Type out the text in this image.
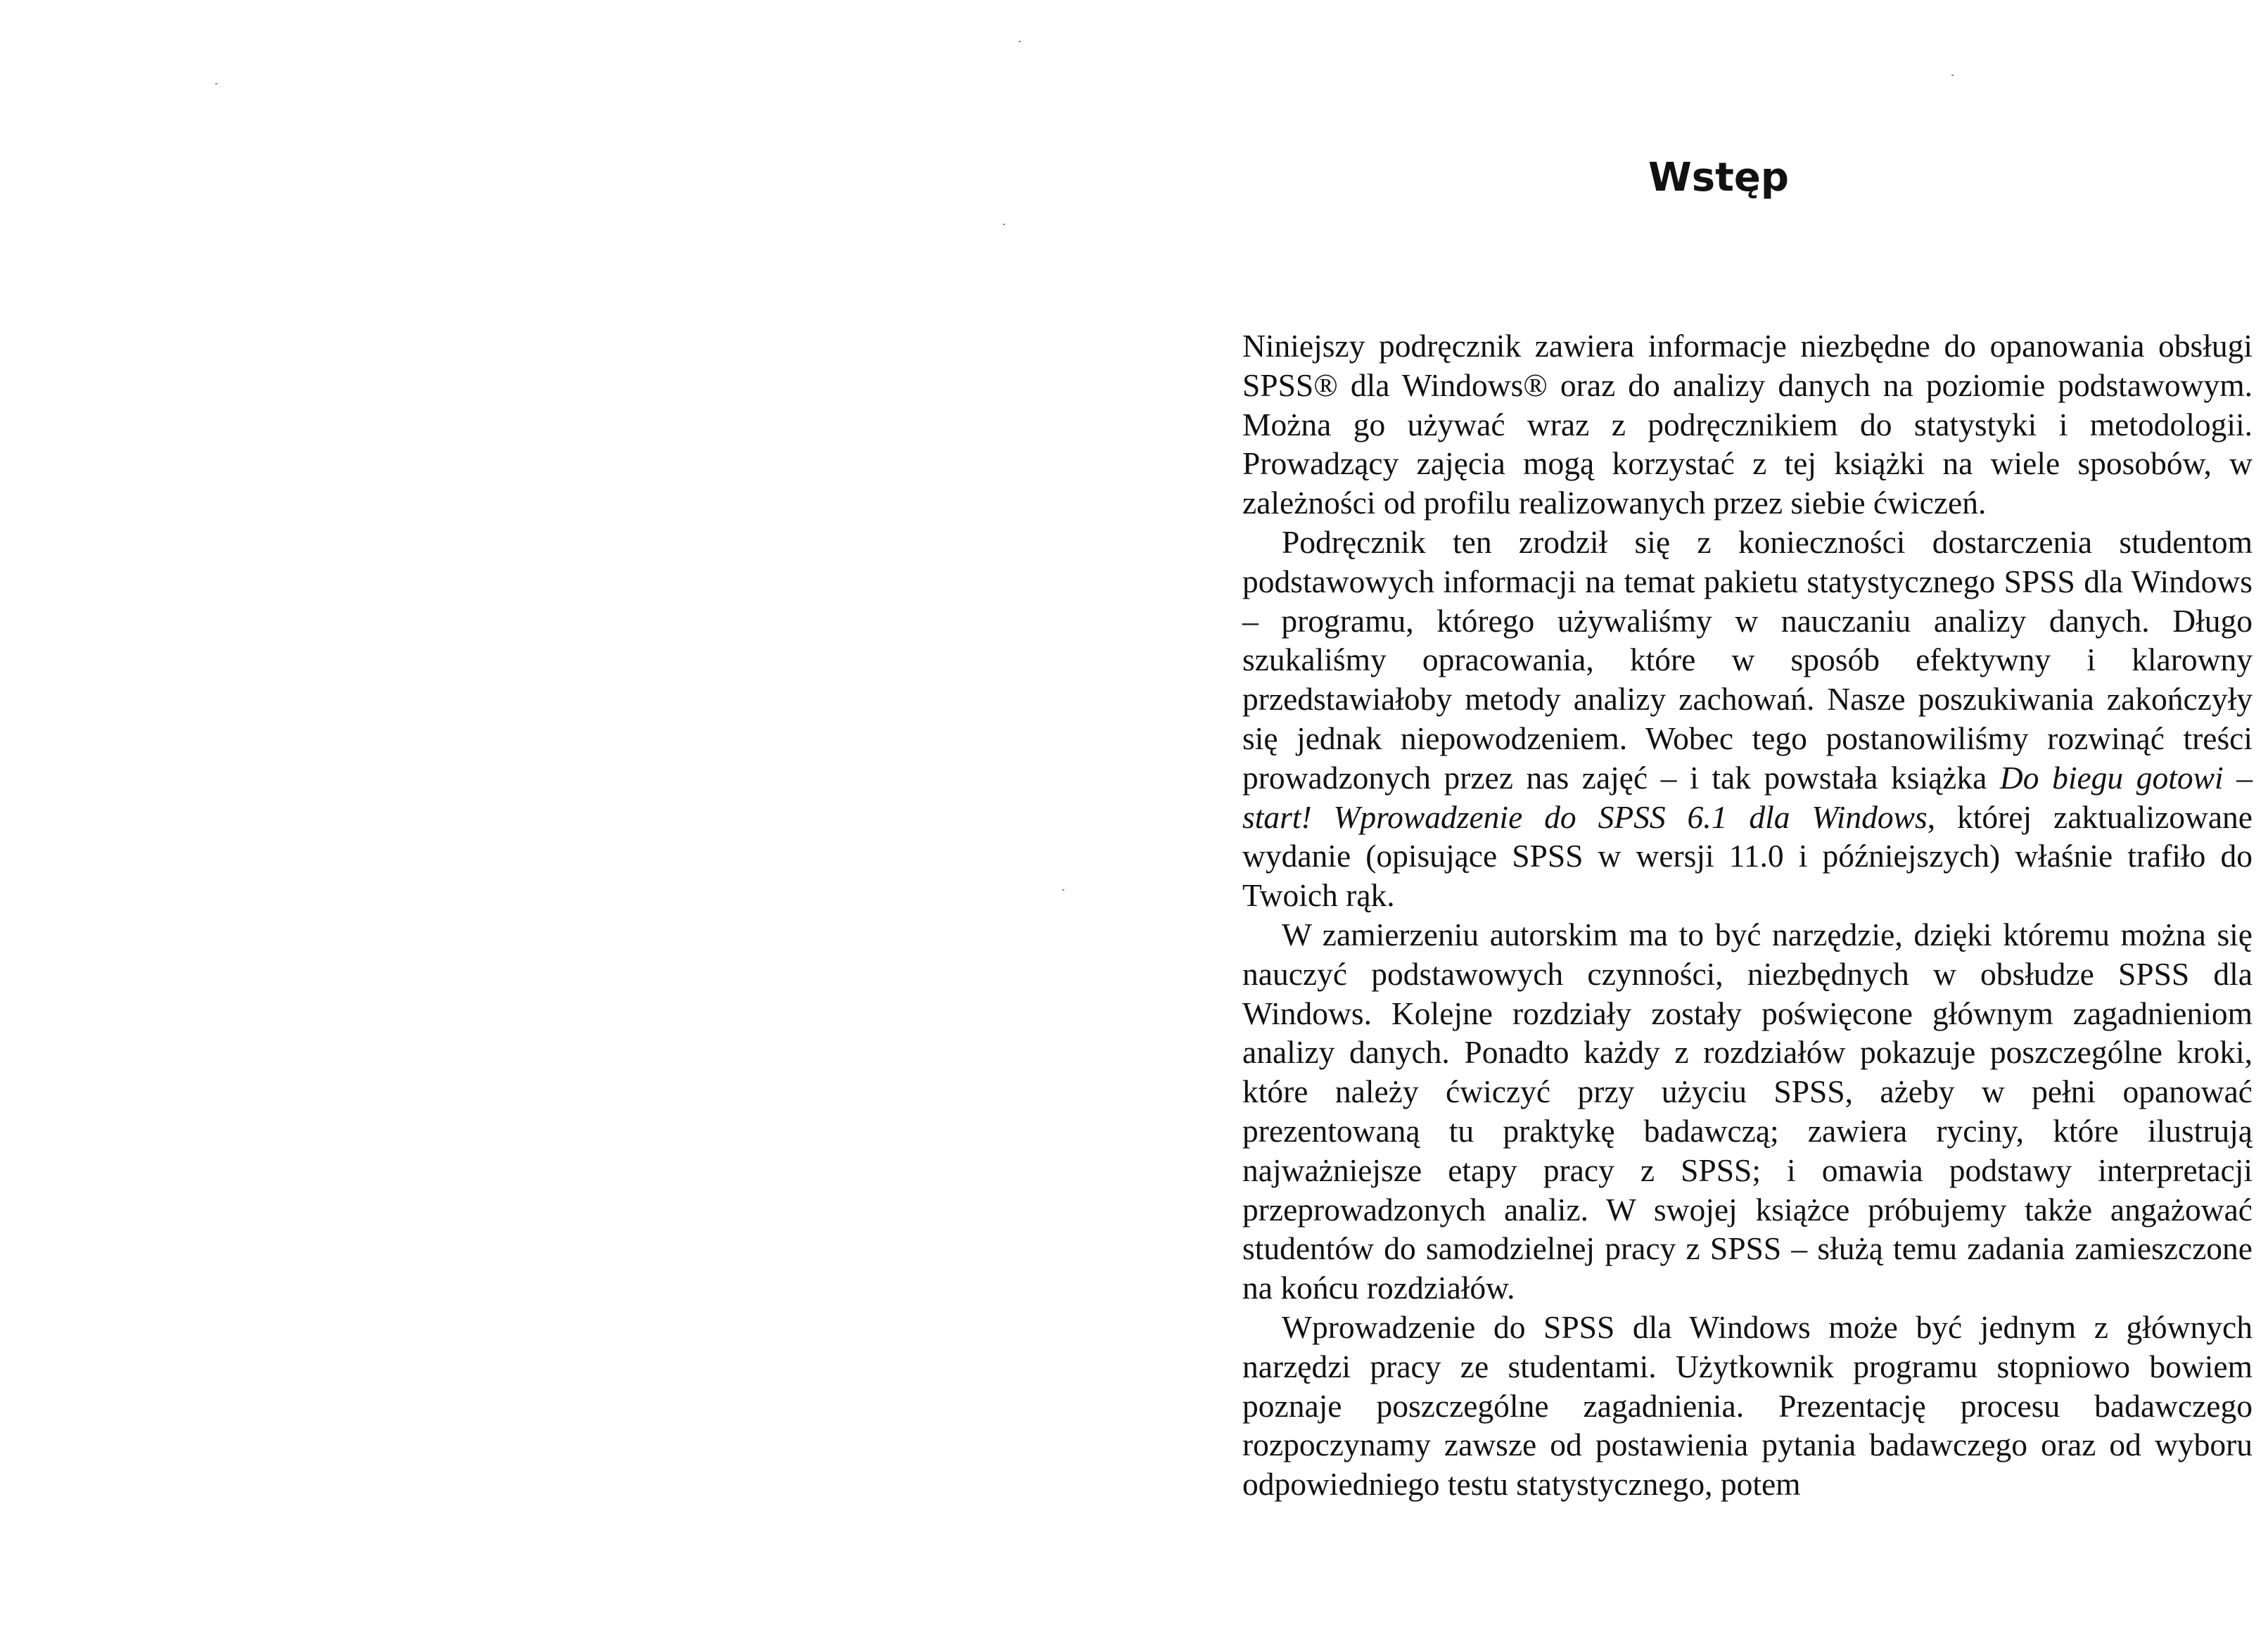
Wstęp

Niniejszy podręcznik zawiera informacje niezbędne do opanowania obsługi SPSS® dla Windows® oraz do analizy danych na poziomie podstawowym. Można go używać wraz z podręcznikiem do statystyki i metodologii. Prowadzący zajęcia mogą korzystać z tej książki na wiele sposobów, w zależności od profilu realizowanych przez siebie ćwiczeń.

Podręcznik ten zrodził się z konieczności dostarczenia studentom podstawowych informacji na temat pakietu statystycznego SPSS dla Windows – programu, którego używaliśmy w nauczaniu analizy danych. Długo szukaliśmy opracowania, które w sposób efektywny i klarowny przedstawiałoby metody analizy zachowań. Nasze poszukiwania zakończyły się jednak niepowodzeniem. Wobec tego postanowiliśmy rozwinąć treści prowadzonych przez nas zajęć – i tak powstała książka Do biegu gotowi – start! Wprowadzenie do SPSS 6.1 dla Windows, której zaktualizowane wydanie (opisujące SPSS w wersji 11.0 i późniejszych) właśnie trafiło do Twoich rąk.

W zamierzeniu autorskim ma to być narzędzie, dzięki któremu można się nauczyć podstawowych czynności, niezbędnych w obsłudze SPSS dla Windows. Kolejne rozdziały zostały poświęcone głównym zagadnieniom analizy danych. Ponadto każdy z rozdziałów pokazuje poszczególne kroki, które należy ćwiczyć przy użyciu SPSS, ażeby w pełni opanować prezentowaną tu praktykę badawczą; zawiera ryciny, które ilustrują najważniejsze etapy pracy z SPSS; i omawia podstawy interpretacji przeprowadzonych analiz. W swojej książce próbujemy także angażować studentów do samodzielnej pracy z SPSS – służą temu zadania zamieszczone na końcu rozdziałów.

Wprowadzenie do SPSS dla Windows może być jednym z głównych narzędzi pracy ze studentami. Użytkownik programu stopniowo bowiem poznaje poszczególne zagadnienia. Prezentację procesu badawczego rozpoczynamy zawsze od postawienia pytania badawczego oraz od wyboru odpowiedniego testu statystycznego, potem
